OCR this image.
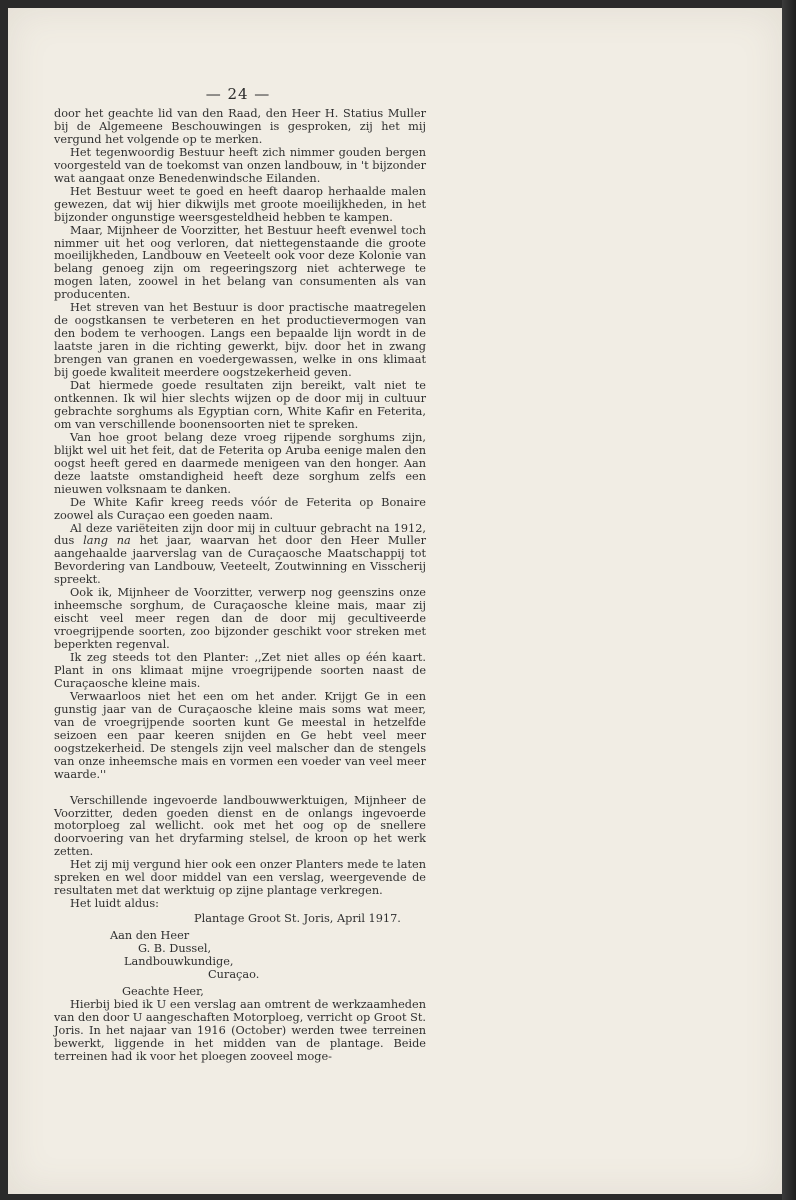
— 24 —

door het geachte lid van den Raad, den Heer H. Statius Muller bij de Algemeene Beschouwingen is gesproken, zij het mij vergund het volgende op te merken.

Het tegenwoordig Bestuur heeft zich nimmer gouden bergen voorgesteld van de toekomst van onzen landbouw, in 't bijzonder wat aangaat onze Benedenwindsche Eilanden.

Het Bestuur weet te goed en heeft daarop herhaalde malen gewezen, dat wij hier dikwijls met groote moeilijkheden, in het bijzonder ongunstige weersgesteldheid hebben te kampen.

Maar, Mijnheer de Voorzitter, het Bestuur heeft evenwel toch nimmer uit het oog verloren, dat niettegenstaande die groote moeilijkheden, Landbouw en Veeteelt ook voor deze Kolonie van belang genoeg zijn om regeeringszorg niet achterwege te mogen laten, zoowel in het belang van consumenten als van producenten.

Het streven van het Bestuur is door practische maatregelen de oogstkansen te verbeteren en het productievermogen van den bodem te verhoogen. Langs een bepaalde lijn wordt in de laatste jaren in die richting gewerkt, bijv. door het in zwang brengen van granen en voedergewassen, welke in ons klimaat bij goede kwaliteit meerdere oogstzekerheid geven.

Dat hiermede goede resultaten zijn bereikt, valt niet te ontkennen. Ik wil hier slechts wijzen op de door mij in cultuur gebrachte sorghums als Egyptian corn, White Kafir en Feterita, om van verschillende boonensoorten niet te spreken.

Van hoe groot belang deze vroeg rijpende sorghums zijn, blijkt wel uit het feit, dat de Feterita op Aruba eenige malen den oogst heeft gered en daarmede menigeen van den honger. Aan deze laatste omstandigheid heeft deze sorghum zelfs een nieuwen volksnaam te danken.

De White Kafir kreeg reeds vóór de Feterita op Bonaire zoowel als Curaçao een goeden naam.

Al deze variëteiten zijn door mij in cultuur gebracht na 1912, dus lang na het jaar, waarvan het door den Heer Muller aangehaalde jaarverslag van de Curaçaosche Maatschappij tot Bevordering van Landbouw, Veeteelt, Zoutwinning en Visscherij spreekt.

Ook ik, Mijnheer de Voorzitter, verwerp nog geenszins onze inheemsche sorghum, de Curaçaosche kleine mais, maar zij eischt veel meer regen dan de door mij gecultiveerde vroegrijpende soorten, zoo bijzonder geschikt voor streken met beperkten regenval.

Ik zeg steeds tot den Planter: ,,Zet niet alles op één kaart. Plant in ons klimaat mijne vroegrijpende soorten naast de Curaçaosche kleine mais.

Verwaarloos niet het een om het ander. Krijgt Ge in een gunstig jaar van de Curaçaosche kleine mais soms wat meer, van de vroegrijpende soorten kunt Ge meestal in hetzelfde seizoen een paar keeren snijden en Ge hebt veel meer oogstzekerheid. De stengels zijn veel malscher dan de stengels van onze inheemsche mais en vormen een voeder van veel meer waarde.''

Verschillende ingevoerde landbouwwerktuigen, Mijnheer de Voorzitter, deden goeden dienst en de onlangs ingevoerde motorploeg zal wellicht. ook met het oog op de snellere doorvoering van het dryfarming stelsel, de kroon op het werk zetten.

Het zij mij vergund hier ook een onzer Planters mede te laten spreken en wel door middel van een verslag, weergevende de resultaten met dat werktuig op zijne plantage verkregen.

Het luidt aldus:

Plantage Groot St. Joris, April 1917.
Aan den Heer
G. B. Dussel,
Landbouwkundige,
Curaçao.
Geachte Heer,

Hierbij bied ik U een verslag aan omtrent de werkzaamheden van den door U aangeschaften Motorploeg, verricht op Groot St. Joris. In het najaar van 1916 (October) werden twee terreinen bewerkt, liggende in het midden van de plantage. Beide terreinen had ik voor het ploegen zooveel moge-
